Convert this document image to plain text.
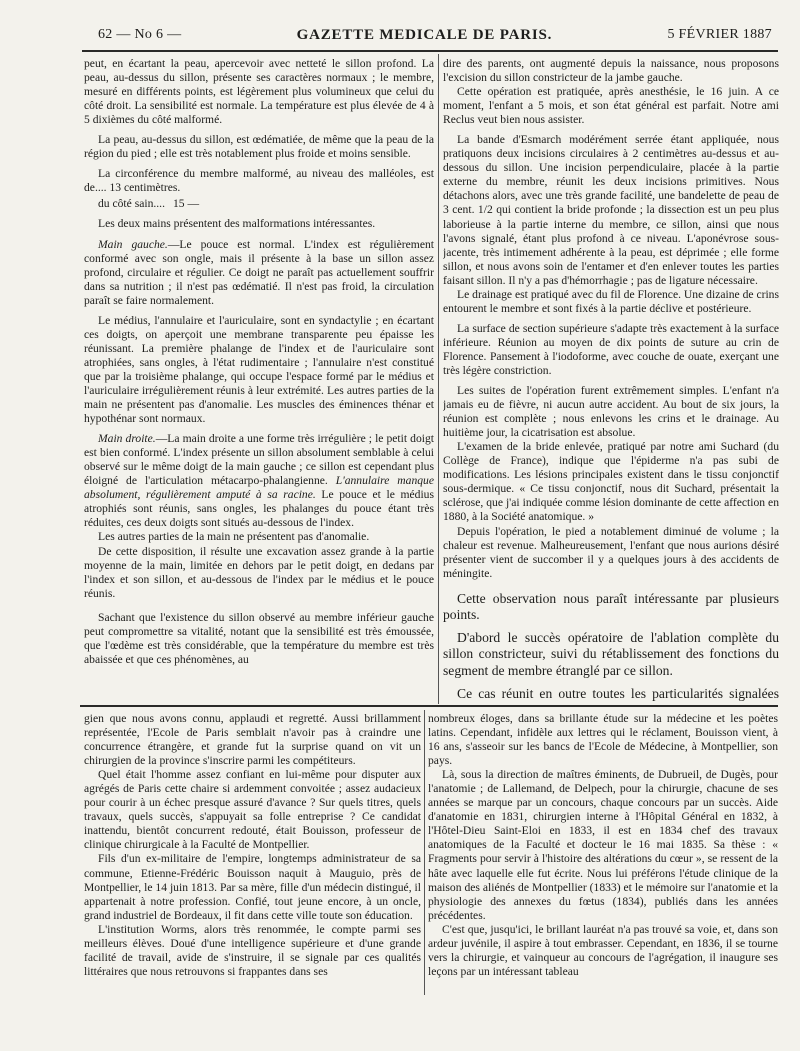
62 — No 6 —	GAZETTE MEDICALE DE PARIS.	5 FÉVRIER 1887

peut, en écartant la peau, apercevoir avec netteté le sillon profond. La peau, au-dessus du sillon, présente ses caractères normaux ; le membre, mesuré en différents points, est légèrement plus volumineux que celui du côté droit. La sensibilité est normale. La température est plus élevée de 4 à 5 dixièmes du côté malformé.

La peau, au-dessus du sillon, est œdématiée, de même que la peau de la région du pied ; elle est très notablement plus froide et moins sensible.

La circonférence du membre malformé, au niveau des malléoles, est de.... 13 centimètres.

du côté sain....	15 —

Les deux mains présentent des malformations intéressantes.

Main gauche.—Le pouce est normal. L'index est régulièrement conformé avec son ongle, mais il présente à la base un sillon assez profond, circulaire et régulier. Ce doigt ne paraît pas actuellement souffrir dans sa nutrition ; il n'est pas œdématié. Il n'est pas froid, la circulation paraît se faire normalement.

Le médius, l'annulaire et l'auriculaire, sont en syndactylie ; en écartant ces doigts, on aperçoit une membrane transparente peu épaisse les réunissant. La première phalange de l'index et de l'auriculaire sont atrophiées, sans ongles, à l'état rudimentaire ; l'annulaire n'est constitué que par la troisième phalange, qui occupe l'espace formé par le médius et l'auriculaire irrégulièrement réunis à leur extrémité. Les autres parties de la main ne présentent pas d'anomalie. Les muscles des éminences thénar et hypothénar sont normaux.

Main droite.—La main droite a une forme très irrégulière ; le petit doigt est bien conformé. L'index présente un sillon absolument semblable à celui observé sur le même doigt de la main gauche ; ce sillon est cependant plus éloigné de l'articulation métacarpo-phalangienne. L'annulaire manque absolument, régulièrement amputé à sa racine. Le pouce et le médius atrophiés sont réunis, sans ongles, les phalanges du pouce étant très réduites, ces deux doigts sont situés au-dessous de l'index.

Les autres parties de la main ne présentent pas d'anomalie.

De cette disposition, il résulte une excavation assez grande à la partie moyenne de la main, limitée en dehors par le petit doigt, en dedans par l'index et son sillon, et au-dessous de l'index par le médius et le pouce réunis.

Sachant que l'existence du sillon observé au membre inférieur gauche peut compromettre sa vitalité, notant que la sensibilité est très émoussée, que l'œdème est très considérable, que la température du membre est très abaissée et que ces phénomènes, au

dire des parents, ont augmenté depuis la naissance, nous proposons l'excision du sillon constricteur de la jambe gauche.

Cette opération est pratiquée, après anesthésie, le 16 juin. A ce moment, l'enfant a 5 mois, et son état général est parfait. Notre ami Reclus veut bien nous assister.

La bande d'Esmarch modérément serrée étant appliquée, nous pratiquons deux incisions circulaires à 2 centimètres au-dessus et au-dessous du sillon. Une incision perpendiculaire, placée à la partie externe du membre, réunit les deux incisions primitives. Nous détachons alors, avec une très grande facilité, une bandelette de peau de 3 cent. 1/2 qui contient la bride profonde ; la dissection est un peu plus laborieuse à la partie interne du membre, ce sillon, ainsi que nous l'avons signalé, étant plus profond à ce niveau. L'aponévrose sous-jacente, très intimement adhérente à la peau, est déprimée ; elle forme sillon, et nous avons soin de l'entamer et d'en enlever toutes les parties faisant sillon. Il n'y a pas d'hémorrhagie ; pas de ligature nécessaire.

Le drainage est pratiqué avec du fil de Florence. Une dizaine de crins entourent le membre et sont fixés à la partie déclive et postérieure.

La surface de section supérieure s'adapte très exactement à la surface inférieure. Réunion au moyen de dix points de suture au crin de Florence. Pansement à l'iodoforme, avec couche de ouate, exerçant une très légère constriction.

Les suites de l'opération furent extrêmement simples. L'enfant n'a jamais eu de fièvre, ni aucun autre accident. Au bout de six jours, la réunion est complète ; nous enlevons les crins et le drainage. Au huitième jour, la cicatrisation est absolue.

L'examen de la bride enlevée, pratiqué par notre ami Suchard (du Collège de France), indique que l'épiderme n'a pas subi de modifications. Les lésions principales existent dans le tissu conjonctif sous-dermique. « Ce tissu conjonctif, nous dit Suchard, présentait la sclérose, que j'ai indiquée comme lésion dominante de cette affection en 1880, à la Société anatomique. »

Depuis l'opération, le pied a notablement diminué de volume ; la chaleur est revenue. Malheureusement, l'enfant que nous aurions désiré présenter vient de succomber il y a quelques jours à des accidents de méningite.

Cette observation nous paraît intéressante par plusieurs points.

D'abord le succès opératoire de l'ablation complète du sillon constricteur, suivi du rétablissement des fonctions du segment de membre étranglé par ce sillon.

Ce cas réunit en outre toutes les particularités signalées

gien que nous avons connu, applaudi et regretté. Aussi brillamment représentée, l'Ecole de Paris semblait n'avoir pas à craindre une concurrence étrangère, et grande fut la surprise quand on vit un chirurgien de la province s'inscrire parmi les compétiteurs.

Quel était l'homme assez confiant en lui-même pour disputer aux agrégés de Paris cette chaire si ardemment convoitée ; assez audacieux pour courir à un échec presque assuré d'avance ? Sur quels titres, quels travaux, quels succès, s'appuyait sa folle entreprise ? Ce candidat inattendu, bientôt concurrent redouté, était Bouisson, professeur de clinique chirurgicale à la Faculté de Montpellier.

Fils d'un ex-militaire de l'empire, longtemps administrateur de sa commune, Etienne-Frédéric Bouisson naquit à Mauguio, près de Montpellier, le 14 juin 1813. Par sa mère, fille d'un médecin distingué, il appartenait à notre profession. Confié, tout jeune encore, à un oncle, grand industriel de Bordeaux, il fit dans cette ville toute son éducation.

L'institution Worms, alors très renommée, le compte parmi ses meilleurs élèves. Doué d'une intelligence supérieure et d'une grande facilité de travail, avide de s'instruire, il se signale par ces qualités littéraires que nous retrouvons si frappantes dans ses

nombreux éloges, dans sa brillante étude sur la médecine et les poètes latins. Cependant, infidèle aux lettres qui le réclament, Bouisson vient, à 16 ans, s'asseoir sur les bancs de l'Ecole de Médecine, à Montpellier, son pays.

Là, sous la direction de maîtres éminents, de Dubrueil, de Dugès, pour l'anatomie ; de Lallemand, de Delpech, pour la chirurgie, chacune de ses années se marque par un concours, chaque concours par un succès. Aide d'anatomie en 1831, chirurgien interne à l'Hôpital Général en 1832, à l'Hôtel-Dieu Saint-Eloi en 1833, il est en 1834 chef des travaux anatomiques de la Faculté et docteur le 16 mai 1835. Sa thèse : « Fragments pour servir à l'histoire des altérations du cœur », se ressent de la hâte avec laquelle elle fut écrite. Nous lui préférons l'étude clinique de la maison des aliénés de Montpellier (1833) et le mémoire sur l'anatomie et la physiologie des annexes du fœtus (1834), publiés dans les années précédentes.

C'est que, jusqu'ici, le brillant lauréat n'a pas trouvé sa voie, et, dans son ardeur juvénile, il aspire à tout embrasser. Cependant, en 1836, il se tourne vers la chirurgie, et vainqueur au concours de l'agrégation, il inaugure ses leçons par un intéressant tableau
